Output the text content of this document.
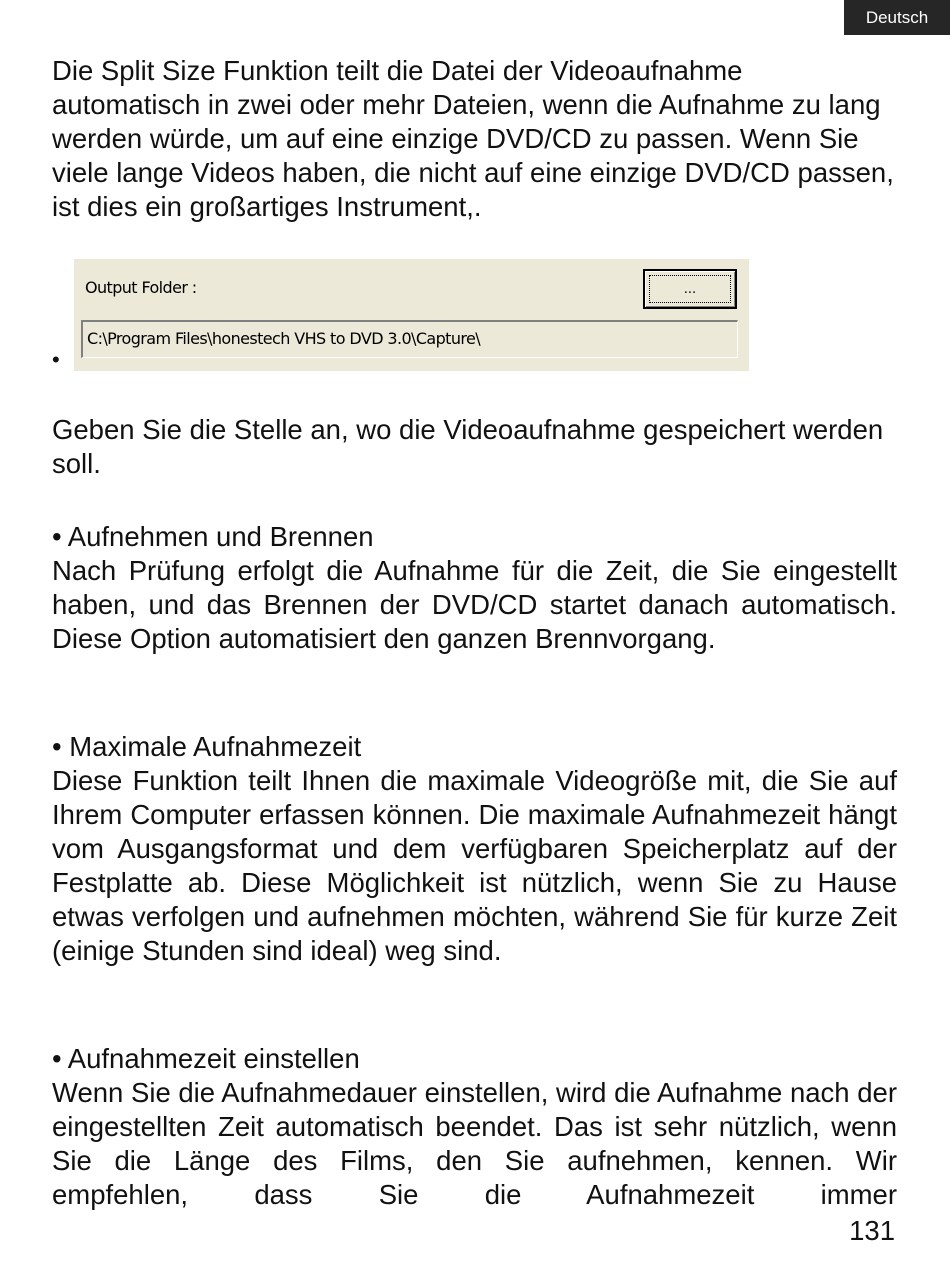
Deutsch

Die Split Size Funktion teilt die Datei der Videoaufnahme automatisch in zwei oder mehr Dateien, wenn die Aufnahme zu lang werden würde, um auf eine einzige DVD/CD zu passen. Wenn Sie viele lange Videos haben, die nicht auf eine einzige DVD/CD passen, ist dies ein großartiges Instrument,.

Output Folder :	...
C:\Program Files\honestech VHS to DVD 3.0\Capture\
•

Geben Sie die Stelle an, wo die Videoaufnahme gespeichert werden soll.

• Aufnehmen und Brennen

Nach Prüfung erfolgt die Aufnahme für die Zeit, die Sie eingestellt haben, und das Brennen der DVD/CD startet danach automatisch. Diese Option automatisiert den ganzen Brennvorgang.

• Maximale Aufnahmezeit

Diese Funktion teilt Ihnen die maximale Videogröße mit, die Sie auf Ihrem Computer erfassen können. Die maximale Aufnahmezeit hängt vom Ausgangsformat und dem verfügbaren Speicherplatz auf der Festplatte ab. Diese Möglichkeit ist nützlich, wenn Sie zu Hause etwas verfolgen und aufnehmen möchten, während Sie für kurze Zeit (einige Stunden sind ideal) weg sind.

• Aufnahmezeit einstellen

Wenn Sie die Aufnahmedauer einstellen, wird die Aufnahme nach der eingestellten Zeit automatisch beendet. Das ist sehr nützlich, wenn Sie die Länge des Films, den Sie aufnehmen, kennen. Wir empfehlen, dass Sie die Aufnahmezeit immer

131
